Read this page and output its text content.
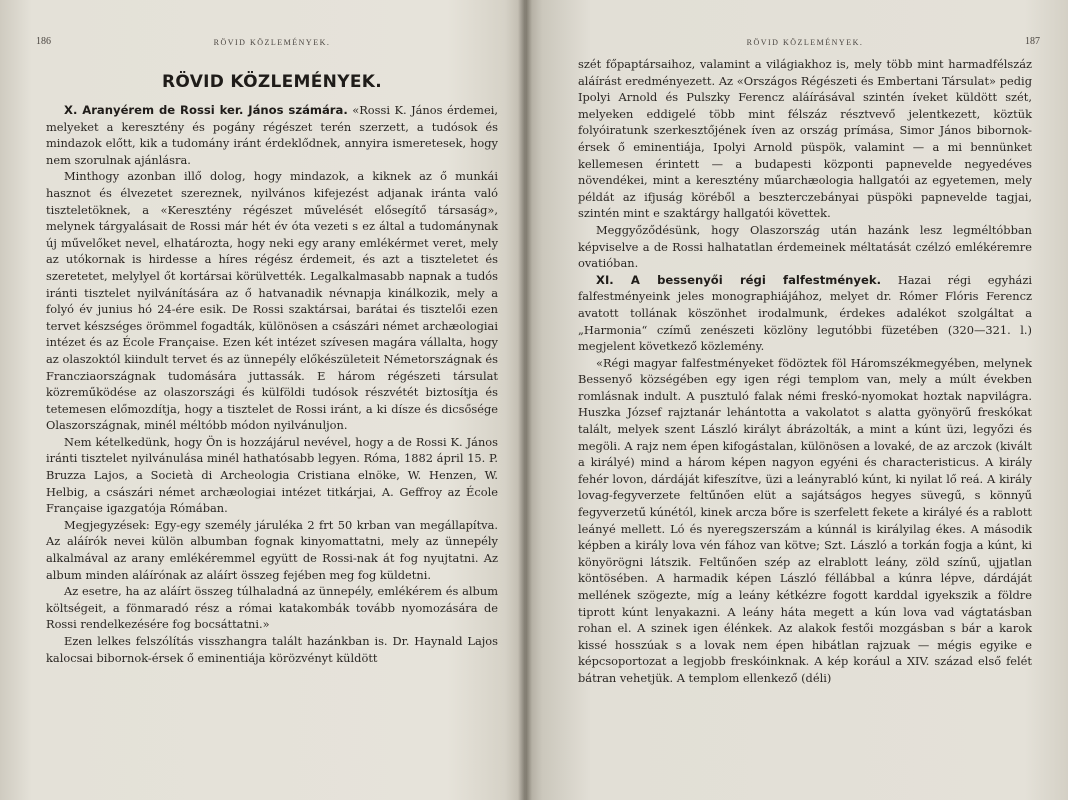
186	RÖVID KÖZLEMÉNYEK.
RÖVID KÖZLEMÉNYEK.

X. Aranyérem de Rossi ker. János számára. «Rossi K. János érdemei, melyeket a keresztény és pogány régészet terén szerzett, a tudósok és mindazok előtt, kik a tudomány iránt érdeklődnek, annyira ismeretesek, hogy nem szorulnak ajánlásra.

Minthogy azonban illő dolog, hogy mindazok, a kiknek az ő munkái hasznot és élvezetet szereznek, nyilvános kifejezést adjanak iránta való tiszteletöknek, a «Keresztény régészet művelését elősegítő társaság», melynek tárgyalásait de Rossi már hét év óta vezeti s ez által a tudománynak új művelőket nevel, elhatározta, hogy neki egy arany emlékérmet veret, mely az utókornak is hirdesse a híres régész érdemeit, és azt a tiszteletet és szeretetet, melylyel őt kortársai körülvették. Legalkalmasabb napnak a tudós iránti tisztelet nyilvánítására az ő hatvanadik névnapja kinálkozik, mely a folyó év junius hó 24-ére esik. De Rossi szaktársai, barátai és tisztelői ezen tervet készséges örömmel fogadták, különösen a császári német archæologiai intézet és az École Française. Ezen két intézet szívesen magára vállalta, hogy az olaszoktól kiindult tervet és az ünnepély előkészületeit Németországnak és Francziaországnak tudomására juttassák. E három régészeti társulat közreműködése az olaszországi és külföldi tudósok részvétét biztosítja és tetemesen előmozdítja, hogy a tisztelet de Rossi iránt, a ki dísze és dicsősége Olaszországnak, minél méltóbb módon nyilvánuljon.

Nem kételkedünk, hogy Ön is hozzájárul nevével, hogy a de Rossi K. János iránti tisztelet nyilvánulása minél hathatósabb legyen. Róma, 1882 ápril 15. P. Bruzza Lajos, a Società di Archeologia Cristiana elnöke, W. Henzen, W. Helbig, a császári német archæologiai intézet titkárjai, A. Geffroy az École Française igazgatója Rómában.

Megjegyzések: Egy-egy személy járuléka 2 frt 50 krban van megállapítva. Az aláírók nevei külön albumban fognak kinyomattatni, mely az ünnepély alkalmával az arany emlékéremmel együtt de Rossi-nak át fog nyujtatni. Az album minden aláírónak az aláírt összeg fejében meg fog küldetni.

Az esetre, ha az aláírt összeg túlhaladná az ünnepély, emlékérem és album költségeit, a fönmaradó rész a római katakombák tovább nyomozására de Rossi rendelkezésére fog bocsáttatni.»

Ezen lelkes felszólítás visszhangra talált hazánkban is. Dr. Haynald Lajos kalocsai bibornok-érsek ő eminentiája körözvényt küldött

RÖVID KÖZLEMÉNYEK.	187

szét főpaptársaihoz, valamint a világiakhoz is, mely több mint harmadfélszáz aláírást eredményezett. Az «Országos Régészeti és Embertani Társulat» pedig Ipolyi Arnold és Pulszky Ferencz aláírásával szintén íveket küldött szét, melyeken eddigelé több mint félszáz résztvevő jelentkezett, köztük folyóiratunk szerkesztőjének íven az ország prímása, Simor János bibornok-érsek ő eminentiája, Ipolyi Arnold püspök, valamint — a mi bennünket kellemesen érintett — a budapesti központi papnevelde negyedéves növendékei, mint a keresztény műarchæologia hallgatói az egyetemen, mely példát az ifjuság köréből a beszterczebányai püspöki papnevelde tagjai, szintén mint e szaktárgy hallgatói követtek.

Meggyőződésünk, hogy Olaszország után hazánk lesz legméltóbban képviselve a de Rossi halhatatlan érdemeinek méltatását czélzó emlékéremre ovatióban.

XI. A bessenyői régi falfestmények. Hazai régi egyházi falfestményeink jeles monographiájához, melyet dr. Rómer Flóris Ferencz avatott tollának köszönhet irodalmunk, érdekes adalékot szolgáltat a „Harmonia“ czímű zenészeti közlöny legutóbbi füzetében (320—321. l.) megjelent következő közlemény.

«Régi magyar falfestményeket födöztek föl Háromszékmegyében, melynek Bessenyő községében egy igen régi templom van, mely a múlt években romlásnak indult. A pusztuló falak némi freskó-nyomokat hoztak napvilágra. Huszka József rajztanár lehántotta a vakolatot s alatta gyönyörű freskókat talált, melyek szent László királyt ábrázolták, a mint a kúnt üzi, legyőzi és megöli. A rajz nem épen kifogástalan, különösen a lovaké, de az arczok (kivált a királyé) mind a három képen nagyon egyéni és characteristicus. A király fehér lovon, dárdáját kifeszítve, üzi a leányrabló kúnt, ki nyilat lő reá. A király lovag-fegyverzete feltűnően elüt a sajátságos hegyes süvegű, s könnyű fegyverzetű kúnétól, kinek arcza bőre is szerfelett fekete a királyé és a rablott leányé mellett. Ló és nyeregszerszám a kúnnál is királyilag ékes. A második képben a király lova vén fához van kötve; Szt. László a torkán fogja a kúnt, ki könyörögni látszik. Feltűnően szép az elrablott leány, zöld színű, ujjatlan köntösében. A harmadik képen László féllábbal a kúnra lépve, dárdáját mellének szögezte, míg a leány kétkézre fogott karddal igyekszik a földre tiprott kúnt lenyakazni. A leány háta megett a kún lova vad vágtatásban rohan el. A szinek igen élénkek. Az alakok festői mozgásban s bár a karok kissé hosszúak s a lovak nem épen hibátlan rajzuak — mégis egyike e képcsoportozat a legjobb freskóinknak. A kép korául a XIV. század első felét bátran vehetjük. A templom ellenkező (déli)
